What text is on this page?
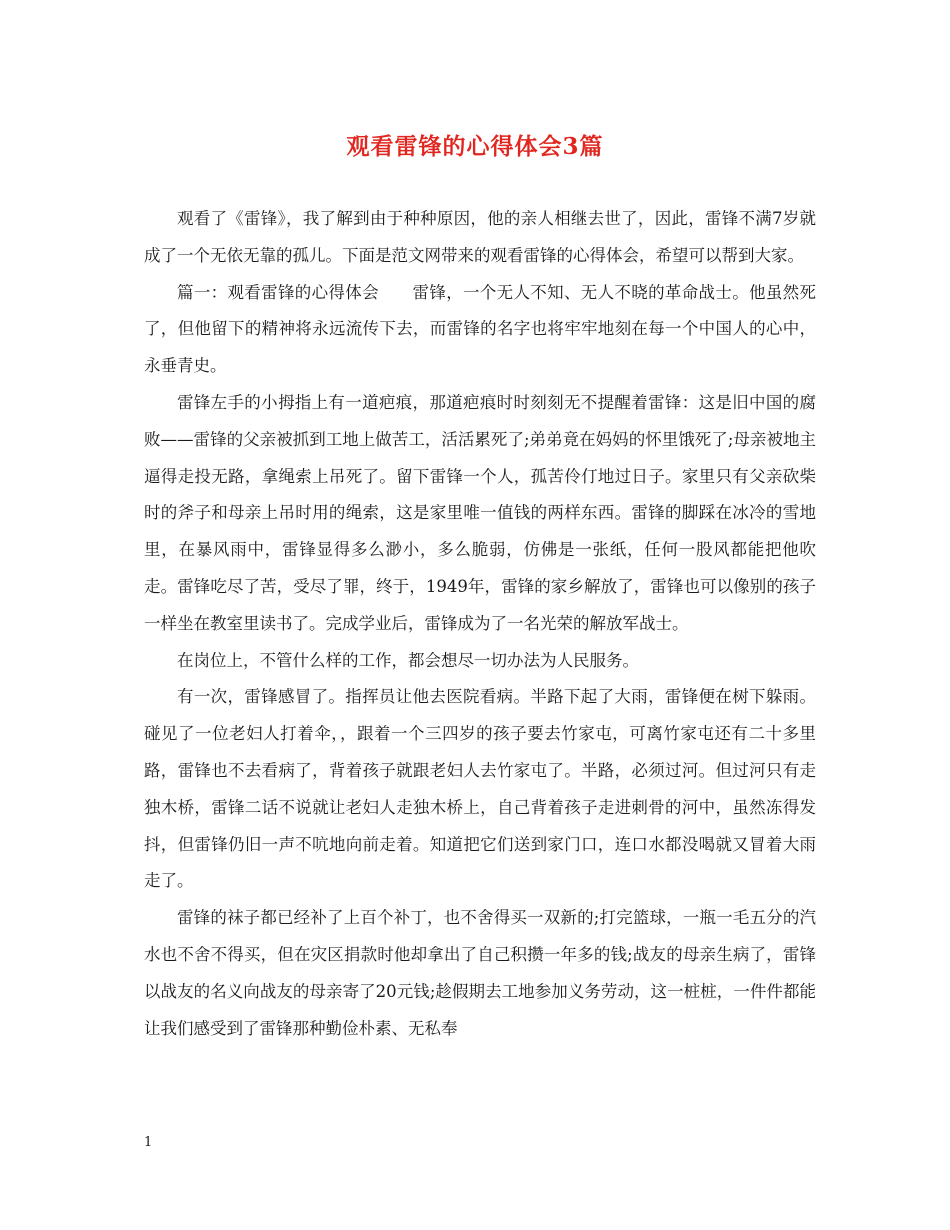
观看雷锋的心得体会3篇

观看了《雷锋》，我了解到由于种种原因，他的亲人相继去世了，因此，雷锋不满7岁就成了一个无依无靠的孤儿。下面是范文网带来的观看雷锋的心得体会，希望可以帮到大家。

篇一：观看雷锋的心得体会　　雷锋，一个无人不知、无人不晓的革命战士。他虽然死了，但他留下的精神将永远流传下去，而雷锋的名字也将牢牢地刻在每一个中国人的心中，永垂青史。

雷锋左手的小拇指上有一道疤痕，那道疤痕时时刻刻无不提醒着雷锋：这是旧中国的腐败——雷锋的父亲被抓到工地上做苦工，活活累死了;弟弟竟在妈妈的怀里饿死了;母亲被地主逼得走投无路，拿绳索上吊死了。留下雷锋一个人，孤苦伶仃地过日子。家里只有父亲砍柴时的斧子和母亲上吊时用的绳索，这是家里唯一值钱的两样东西。雷锋的脚踩在冰冷的雪地里，在暴风雨中，雷锋显得多么渺小，多么脆弱，仿佛是一张纸，任何一股风都能把他吹走。雷锋吃尽了苦，受尽了罪，终于，1949年，雷锋的家乡解放了，雷锋也可以像别的孩子一样坐在教室里读书了。完成学业后，雷锋成为了一名光荣的解放军战士。

在岗位上，不管什么样的工作，都会想尽一切办法为人民服务。

有一次，雷锋感冒了。指挥员让他去医院看病。半路下起了大雨，雷锋便在树下躲雨。碰见了一位老妇人打着伞，，跟着一个三四岁的孩子要去竹家屯，可离竹家屯还有二十多里路，雷锋也不去看病了，背着孩子就跟老妇人去竹家屯了。半路，必须过河。但过河只有走独木桥，雷锋二话不说就让老妇人走独木桥上，自己背着孩子走进刺骨的河中，虽然冻得发抖，但雷锋仍旧一声不吭地向前走着。知道把它们送到家门口，连口水都没喝就又冒着大雨走了。

雷锋的袜子都已经补了上百个补丁，也不舍得买一双新的;打完篮球，一瓶一毛五分的汽水也不舍不得买，但在灾区捐款时他却拿出了自己积攒一年多的钱;战友的母亲生病了，雷锋以战友的名义向战友的母亲寄了20元钱;趁假期去工地参加义务劳动，这一桩桩，一件件都能让我们感受到了雷锋那种勤俭朴素、无私奉

1
